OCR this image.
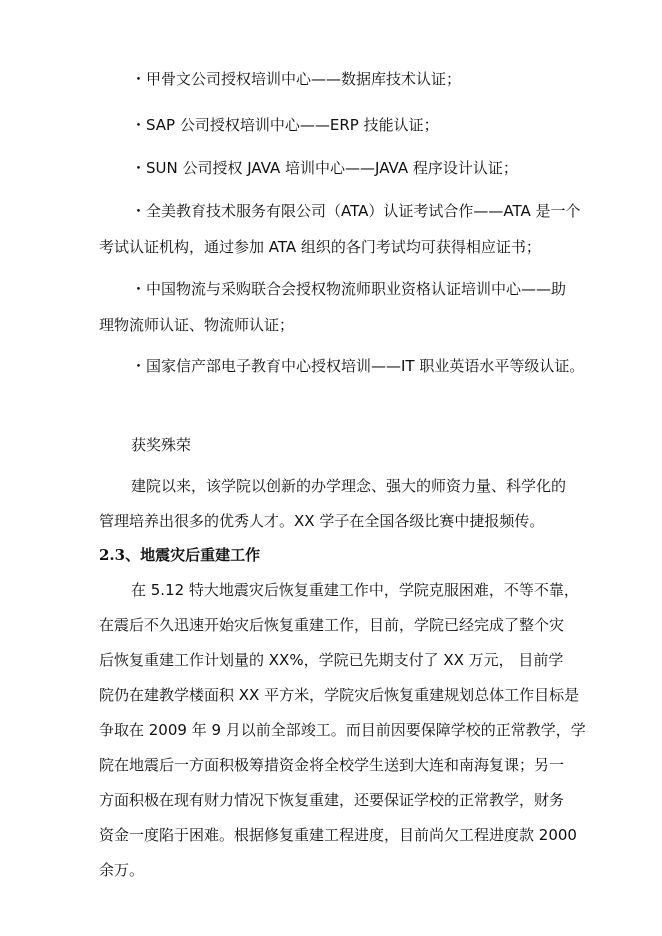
・甲骨文公司授权培训中心——数据库技术认证；
・SAP 公司授权培训中心——ERP 技能认证；
・SUN 公司授权 JAVA 培训中心——JAVA 程序设计认证；
・全美教育技术服务有限公司（ATA）认证考试合作——ATA 是一个
考试认证机构，通过参加 ATA 组织的各门考试均可获得相应证书；
・中国物流与采购联合会授权物流师职业资格认证培训中心——助
理物流师认证、物流师认证；
・国家信产部电子教育中心授权培训——IT 职业英语水平等级认证。
获奖殊荣
建院以来，该学院以创新的办学理念、强大的师资力量、科学化的
管理培养出很多的优秀人才。XX 学子在全国各级比赛中捷报频传。
2.3、地震灾后重建工作
在 5.12 特大地震灾后恢复重建工作中，学院克服困难，不等不靠，
在震后不久迅速开始灾后恢复重建工作，目前，学院已经完成了整个灾
后恢复重建工作计划量的 XX%，学院已先期支付了 XX 万元， 目前学
院仍在建教学楼面积 XX 平方米，学院灾后恢复重建规划总体工作目标是
争取在 2009 年 9 月以前全部竣工。而目前因要保障学校的正常教学，学
院在地震后一方面积极筹措资金将全校学生送到大连和南海复课；另一
方面积极在现有财力情况下恢复重建，还要保证学校的正常教学，财务
资金一度陷于困难。根据修复重建工程进度，目前尚欠工程进度款 2000
余万。
